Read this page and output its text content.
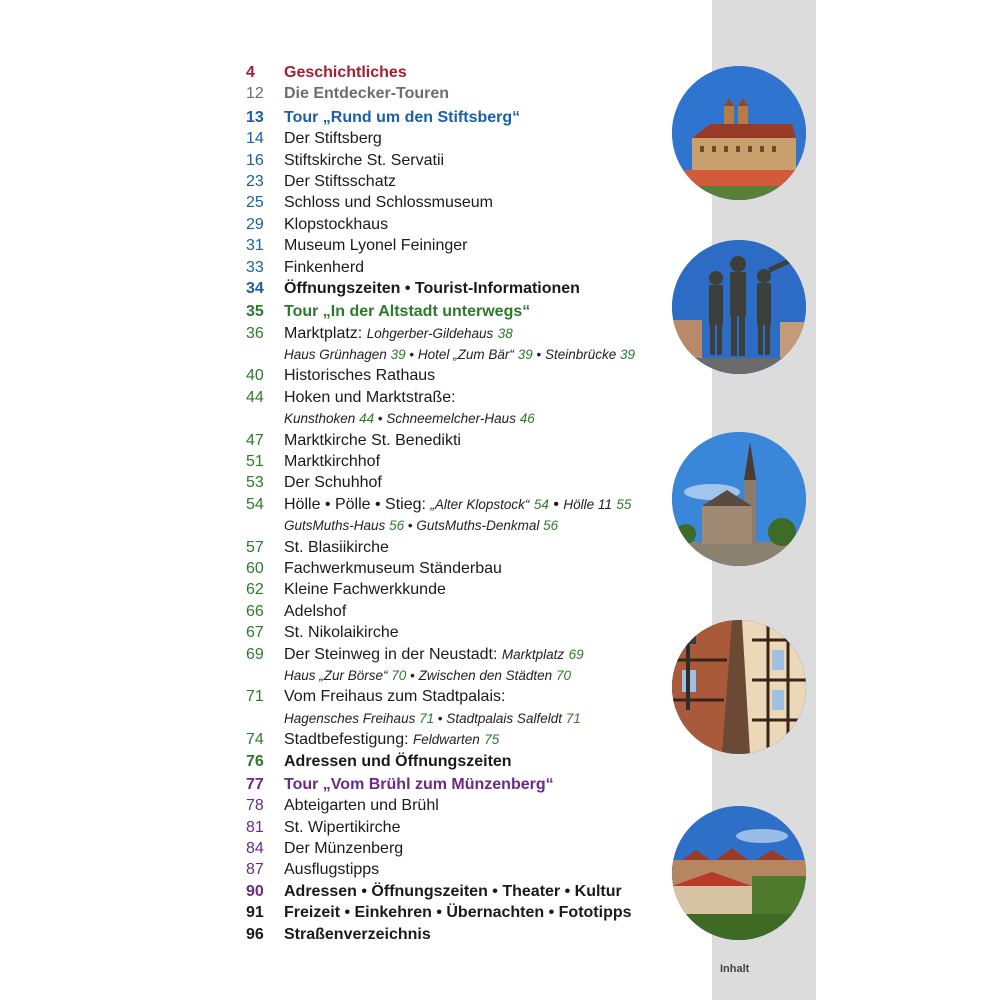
Inhalt
4	Geschichtliches
12	Die Entdecker-Touren
13	Tour „Rund um den Stiftsberg“
14	Der Stiftsberg
16	Stiftskirche St. Servatii
23	Der Stiftsschatz
25	Schloss und Schlossmuseum
29	Klopstockhaus
31	Museum Lyonel Feininger
33	Finkenherd
34	Öffnungszeiten • Tourist-Informationen
35	Tour „In der Altstadt unterwegs“
36	Marktplatz: Lohgerber-Gildehaus 38
Haus Grünhagen 39 • Hotel „Zum Bär“ 39 • Steinbrücke 39
40	Historisches Rathaus
44	Hoken und Marktstraße:
Kunsthoken 44 • Schneemelcher-Haus 46
47	Marktkirche St. Benedikti
51	Marktkirchhof
53	Der Schuhhof
54	Hölle • Pölle • Stieg: „Alter Klopstock“ 54 • Hölle 11 55
GutsMuths-Haus 56 • GutsMuths-Denkmal 56
57	St. Blasiikirche
60	Fachwerkmuseum Ständerbau
62	Kleine Fachwerkkunde
66	Adelshof
67	St. Nikolaikirche
69	Der Steinweg in der Neustadt: Marktplatz 69
Haus „Zur Börse“ 70 • Zwischen den Städten 70
71	Vom Freihaus zum Stadtpalais:
Hagensches Freihaus 71 • Stadtpalais Salfeldt 71
74	Stadtbefestigung: Feldwarten 75
76	Adressen und Öffnungszeiten
77	Tour „Vom Brühl zum Münzenberg“
78	Abteigarten und Brühl
81	St. Wipertikirche
84	Der Münzenberg
87	Ausflugstipps
90	Adressen • Öffnungszeiten • Theater • Kultur
91	Freizeit • Einkehren • Übernachten • Fototipps
96	Straßenverzeichnis
